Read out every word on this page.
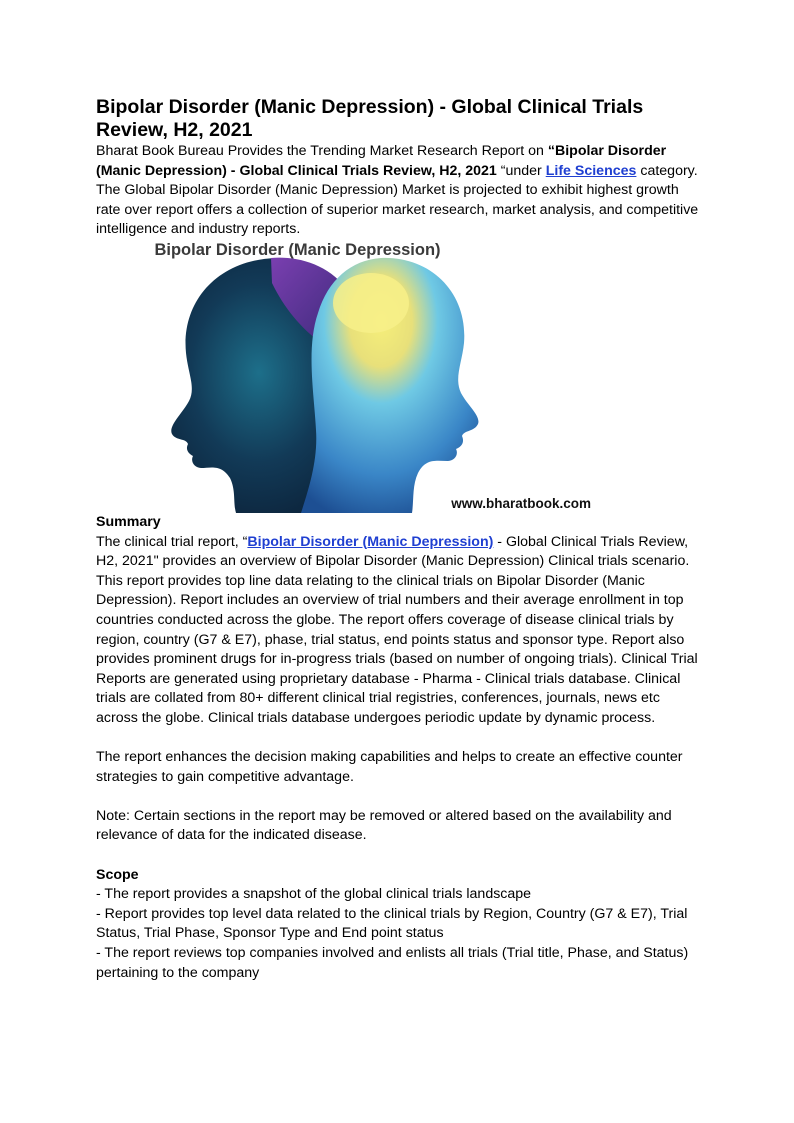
Bipolar Disorder (Manic Depression) - Global Clinical Trials Review, H2, 2021

Bharat Book Bureau Provides the Trending Market Research Report on “Bipolar Disorder (Manic Depression) - Global Clinical Trials Review, H2, 2021 “under Life Sciences category. The Global Bipolar Disorder (Manic Depression) Market is projected to exhibit highest growth rate over report offers a collection of superior market research, market analysis, and competitive intelligence and industry reports.

Bipolar Disorder (Manic Depression)
www.bharatbook.com
Summary

The clinical trial report, “Bipolar Disorder (Manic Depression) - Global Clinical Trials Review, H2, 2021" provides an overview of Bipolar Disorder (Manic Depression) Clinical trials scenario. This report provides top line data relating to the clinical trials on Bipolar Disorder (Manic Depression). Report includes an overview of trial numbers and their average enrollment in top countries conducted across the globe. The report offers coverage of disease clinical trials by region, country (G7 & E7), phase, trial status, end points status and sponsor type. Report also provides prominent drugs for in-progress trials (based on number of ongoing trials). Clinical Trial Reports are generated using proprietary database - Pharma - Clinical trials database. Clinical trials are collated from 80+ different clinical trial registries, conferences, journals, news etc across the globe. Clinical trials database undergoes periodic update by dynamic process.

The report enhances the decision making capabilities and helps to create an effective counter strategies to gain competitive advantage.

Note: Certain sections in the report may be removed or altered based on the availability and relevance of data for the indicated disease.

Scope

- The report provides a snapshot of the global clinical trials landscape

- Report provides top level data related to the clinical trials by Region, Country (G7 & E7), Trial Status, Trial Phase, Sponsor Type and End point status

- The report reviews top companies involved and enlists all trials (Trial title, Phase, and Status) pertaining to the company
